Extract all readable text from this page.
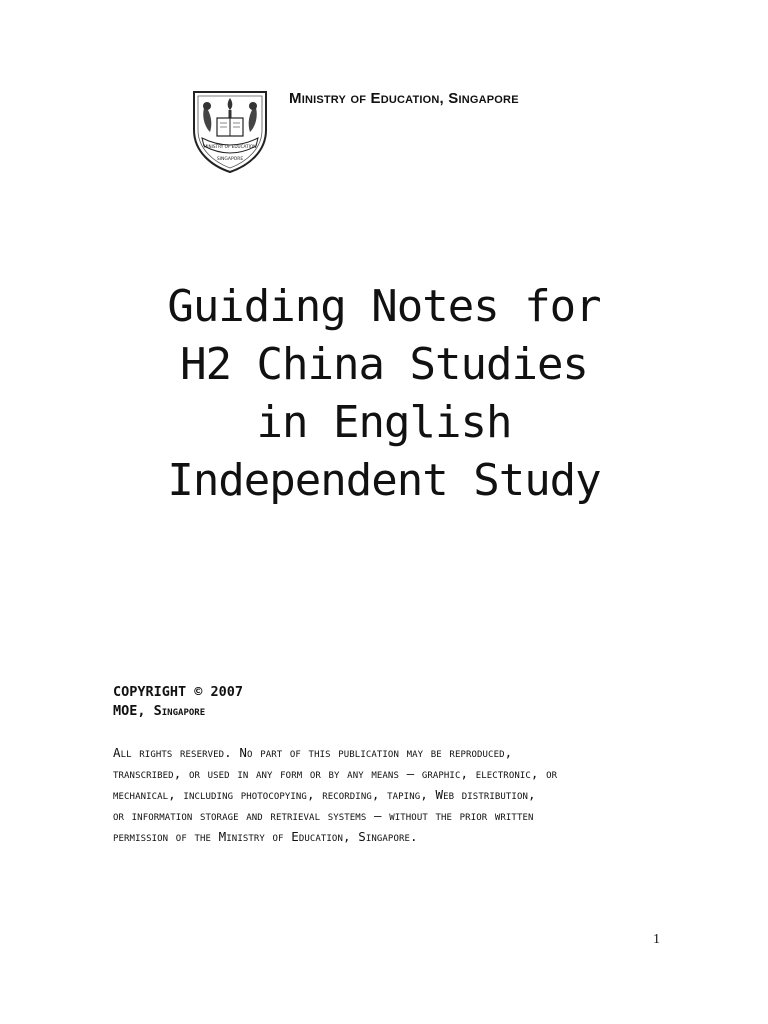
MINISTRY OF EDUCATION
SINGAPORE
Ministry of Education, Singapore
Guiding Notes for
H2 China Studies
in English
Independent Study
COPYRIGHT © 2007
MOE, Singapore
All rights reserved. No part of this publication may be reproduced,
transcribed, or used in any form or by any means – graphic, electronic, or
mechanical, including photocopying, recording, taping, Web distribution,
or information storage and retrieval systems – without the prior written
permission of the Ministry of Education, Singapore.
1
